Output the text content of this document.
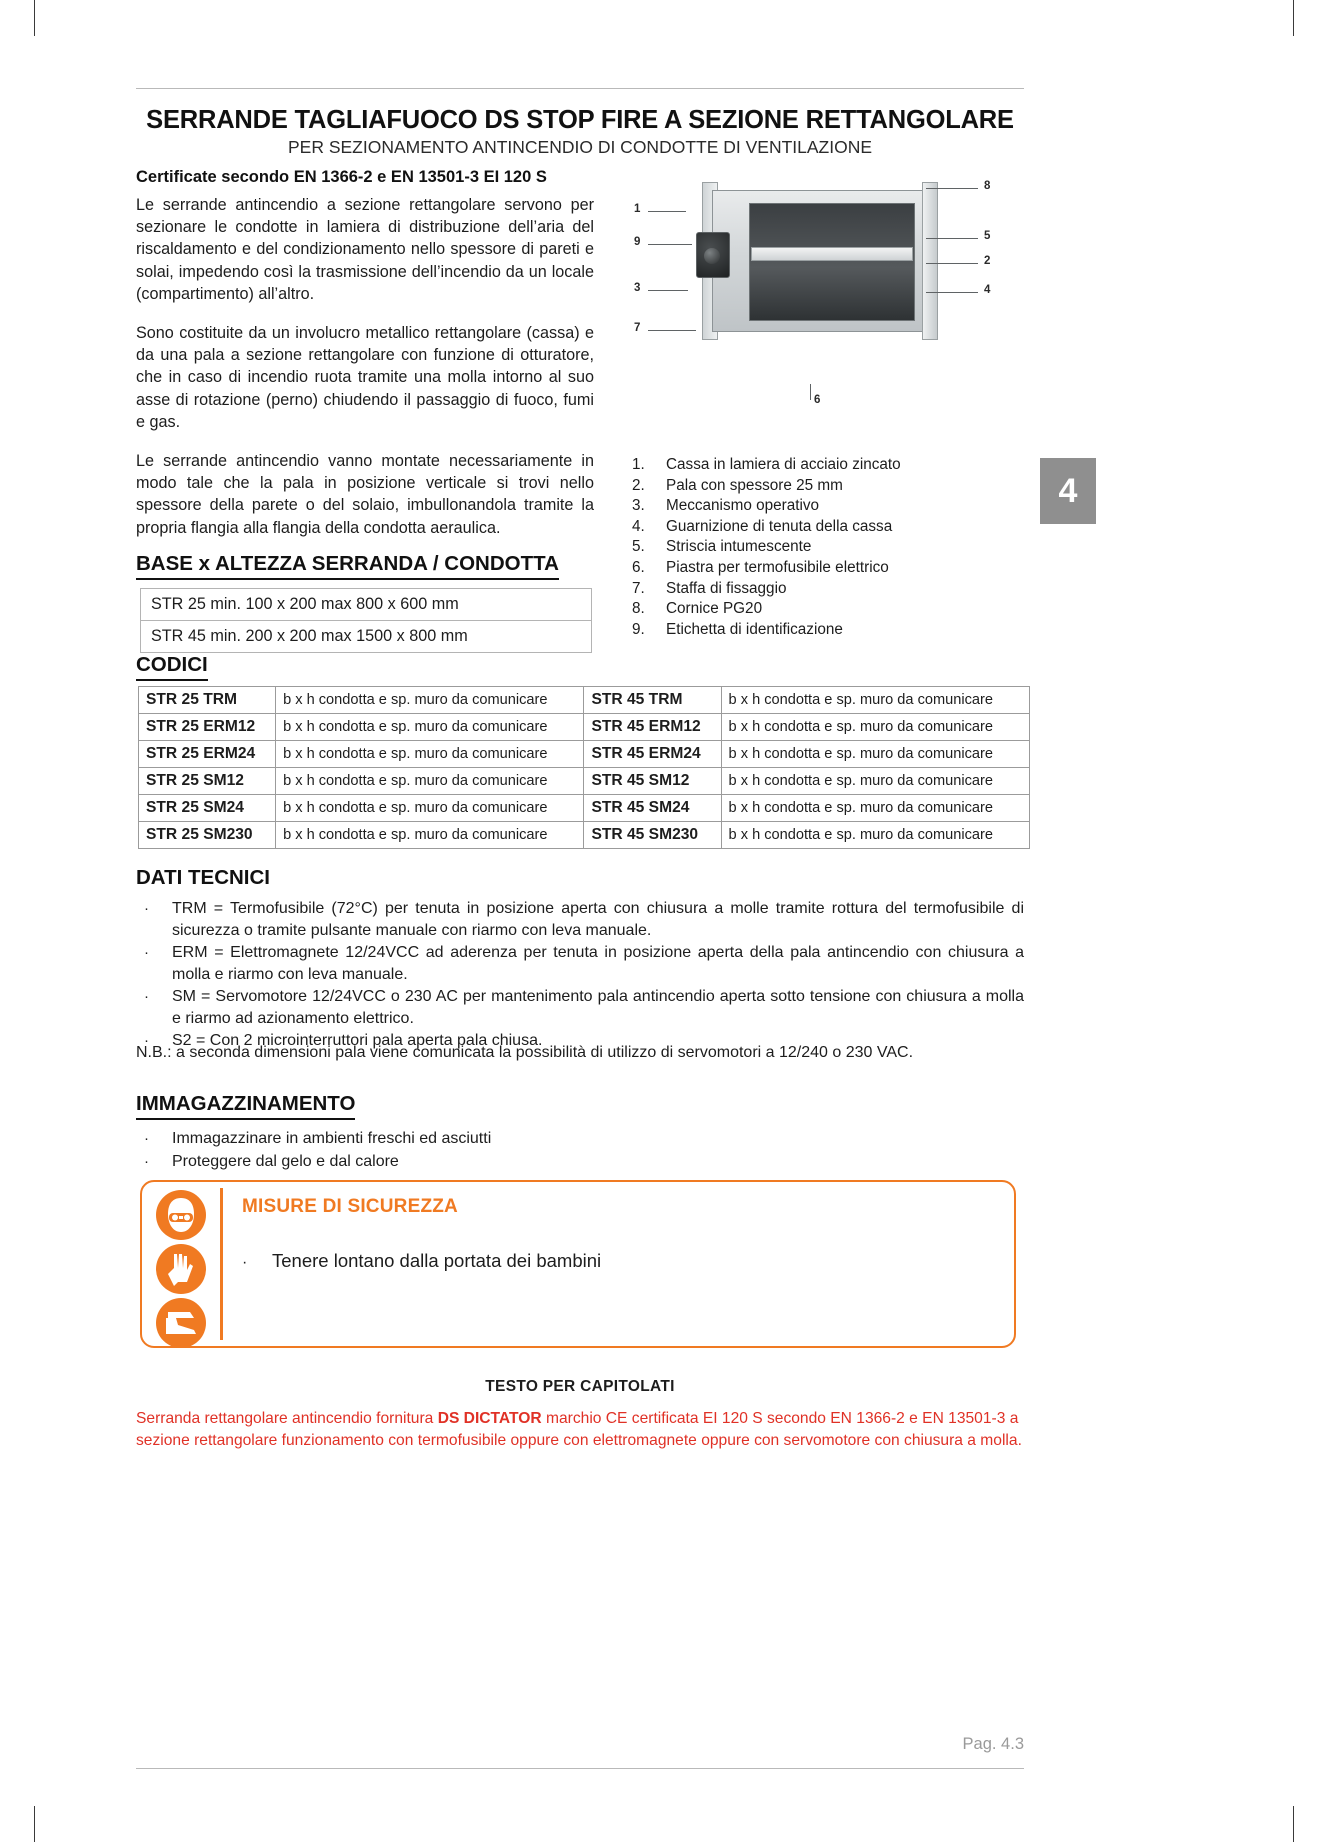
SERRANDE TAGLIAFUOCO DS STOP FIRE A SEZIONE RETTANGOLARE
PER SEZIONAMENTO ANTINCENDIO DI CONDOTTE DI VENTILAZIONE
Certificate secondo EN 1366-2 e EN 13501-3 EI 120 S
Le serrande antincendio a sezione rettangolare servono per sezionare le condotte in lamiera di distribuzione dell’aria del riscaldamento e del condizionamento nello spessore di pareti e solai, impedendo così la trasmissione dell’incendio da un locale (compartimento) all’altro.
Sono costituite da un involucro metallico rettangolare (cassa) e da una pala a sezione rettangolare con funzione di otturatore, che in caso di incendio ruota tramite una molla intorno al suo asse di rotazione (perno) chiudendo il passaggio di fuoco, fumi e gas.
Le serrande antincendio vanno montate necessariamente in modo tale che la pala in posizione verticale si trovi nello spessore della parete o del solaio, imbullonandola tramite la propria flangia alla flangia della condotta aeraulica.
1
9
3
7
8
5
2
4
6
1.	Cassa in lamiera di acciaio zincato
2.	Pala con spessore 25 mm
3.	Meccanismo operativo
4.	Guarnizione di tenuta della cassa
5.	Striscia intumescente
6.	Piastra per termofusibile elettrico
7.	Staffa di fissaggio
8.	Cornice PG20
9.	Etichetta di identificazione
BASE x ALTEZZA SERRANDA / CONDOTTA
STR 25 min. 100 x 200 max 800 x 600 mm
STR 45 min. 200 x 200 max 1500 x 800 mm
CODICI
STR 25 TRM	b x h condotta e sp. muro da comunicare	STR 45 TRM	b x h condotta e sp. muro da comunicare
STR 25 ERM12	b x h condotta e sp. muro da comunicare	STR 45 ERM12	b x h condotta e sp. muro da comunicare
STR 25 ERM24	b x h condotta e sp. muro da comunicare	STR 45 ERM24	b x h condotta e sp. muro da comunicare
STR 25 SM12	b x h condotta e sp. muro da comunicare	STR 45 SM12	b x h condotta e sp. muro da comunicare
STR 25 SM24	b x h condotta e sp. muro da comunicare	STR 45 SM24	b x h condotta e sp. muro da comunicare
STR 25 SM230	b x h condotta e sp. muro da comunicare	STR 45 SM230	b x h condotta e sp. muro da comunicare
DATI TECNICI
·	TRM = Termofusibile (72°C) per tenuta in posizione aperta con chiusura a molle tramite rottura del termofusibile di sicurezza o tramite pulsante manuale con riarmo con leva manuale.
·	ERM = Elettromagnete 12/24VCC ad aderenza per tenuta in posizione aperta della pala antincendio con chiusura a molla e riarmo con leva manuale.
·	SM = Servomotore 12/24VCC o 230 AC per mantenimento pala antincendio aperta sotto tensione con chiusura a molla e riarmo ad azionamento elettrico.
·	S2 = Con 2 microinterruttori pala aperta pala chiusa.
N.B.: a seconda dimensioni pala viene comunicata la possibilità di utilizzo di servomotori a 12/240 o 230 VAC.
IMMAGAZZINAMENTO
·	Immagazzinare in ambienti freschi ed asciutti
·	Proteggere dal gelo e dal calore
MISURE DI SICUREZZA
·	Tenere lontano dalla portata dei bambini
TESTO PER CAPITOLATI
Serranda rettangolare antincendio fornitura DS DICTATOR marchio CE certificata EI 120 S secondo EN 1366-2 e EN 13501-3 a sezione rettangolare funzionamento con termofusibile oppure con elettromagnete oppure con servomotore con chiusura a molla.
Pag. 4.3
4
